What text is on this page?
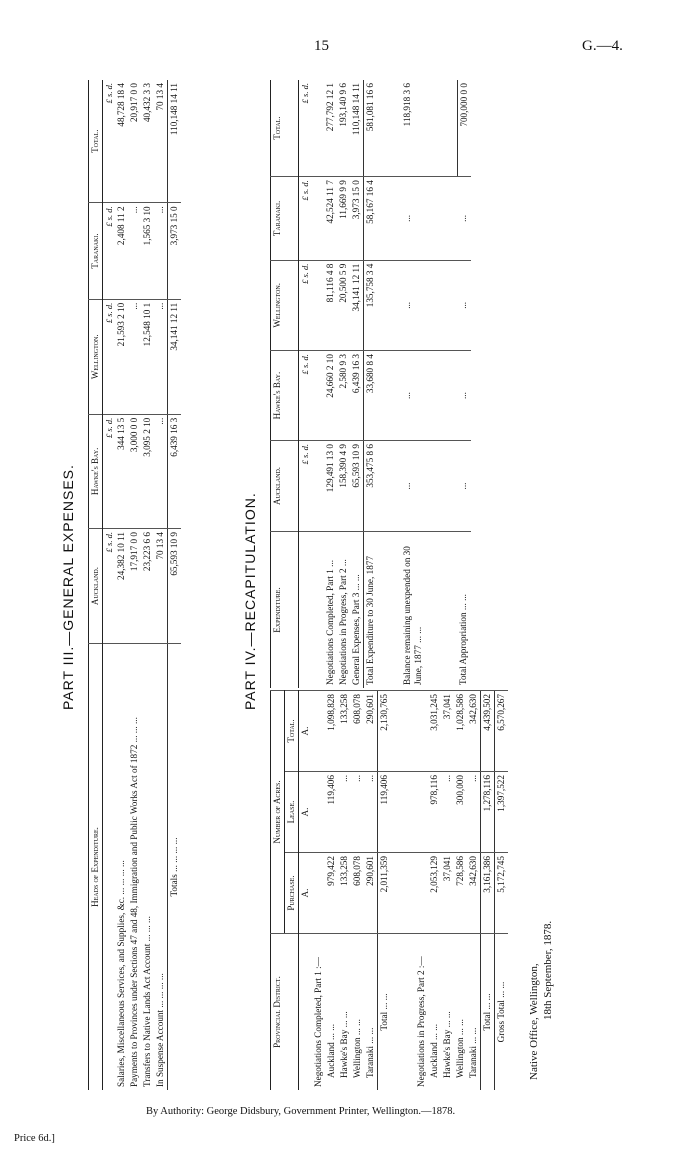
15	G.—4.
PART III.—GENERAL EXPENSES.
Heads of Expenditure.	Auckland.	Hawke's Bay.	Wellington.	Taranaki.	Total.
	£ s. d.	£ s. d.	£ s. d.	£ s. d.	£ s. d.
Salaries, Miscellaneous Services, and Supplies, &c. ... ... ... ...	24,382 10 11	344 13 5	21,593 2 10	2,408 11 2	48,728 18 4
Payments to Provinces under Sections 47 and 48, Immigration and Public Works Act of 1872 ... ... ...	17,917 0 0	3,000 0 0	...	...	20,917 0 0
Transfers to Native Lands Act Account ... ... ...	23,223 6 6	3,095 2 10	12,548 10 1	1,565 3 10	40,432 3 3
In Suspense Account ... ... ... ...	70 13 4	...	...	...	70 13 4
Totals ... ... ... ...	65,593 10 9	6,439 16 3	34,141 12 11	3,973 15 0	110,148 14 11
PART IV.—RECAPITULATION.
Provincial District.	Number of Acres.		
	Purchase.	Lease.	Total.
	A.	A.	A.
Negotiations Completed, Part 1 :—			
Auckland ... ...	979,422	119,406	1,098,828
Hawke's Bay ... ...	133,258	...	133,258
Wellington ... ...	608,078	...	608,078
Taranaki ... ...	290,601	...	290,601
Total ... ...	2,011,359	119,406	2,130,765

Negotiations in Progress, Part 2 :—			
Auckland ... ...	2,053,129	978,116	3,031,245
Hawke's Bay ... ...	37,041	...	37,041
Wellington ... ...	728,586	300,000	1,028,586
Taranaki ... ...	342,630	...	342,630
Total ... ...	3,161,386	1,278,116	4,439,502
Gross Total ... ...	5,172,745	1,397,522	6,570,267
Expenditure.	Auckland.	Hawke's Bay.	Wellington.	Taranaki.	Total.
	£ s. d.	£ s. d.	£ s. d.	£ s. d.	£ s. d.

Negotiations Completed, Part 1 ...	129,491 13 0	24,660 2 10	81,116 4 8	42,524 11 7	277,792 12 1
Negotiations in Progress, Part 2 ...	158,390 4 9	2,580 9 3	20,500 5 9	11,669 9 9	193,140 9 6
General Expenses, Part 3 ... ...	65,593 10 9	6,439 16 3	34,141 12 11	3,973 15 0	110,148 14 11
Total Expenditure to 30 June, 1877	353,475 8 6	33,680 8 4	135,758 3 4	58,167 16 4	581,081 16 6

Balance remaining unexpended on 30 June, 1877 ... ...	...	...	...	...	118,918 3 6

Total Appropriation ... ...	...	...	...	...	700,000 0 0
Native Office, Wellington, 18th September, 1878.
Price 6d.]
By Authority: George Didsbury, Government Printer, Wellington.—1878.
